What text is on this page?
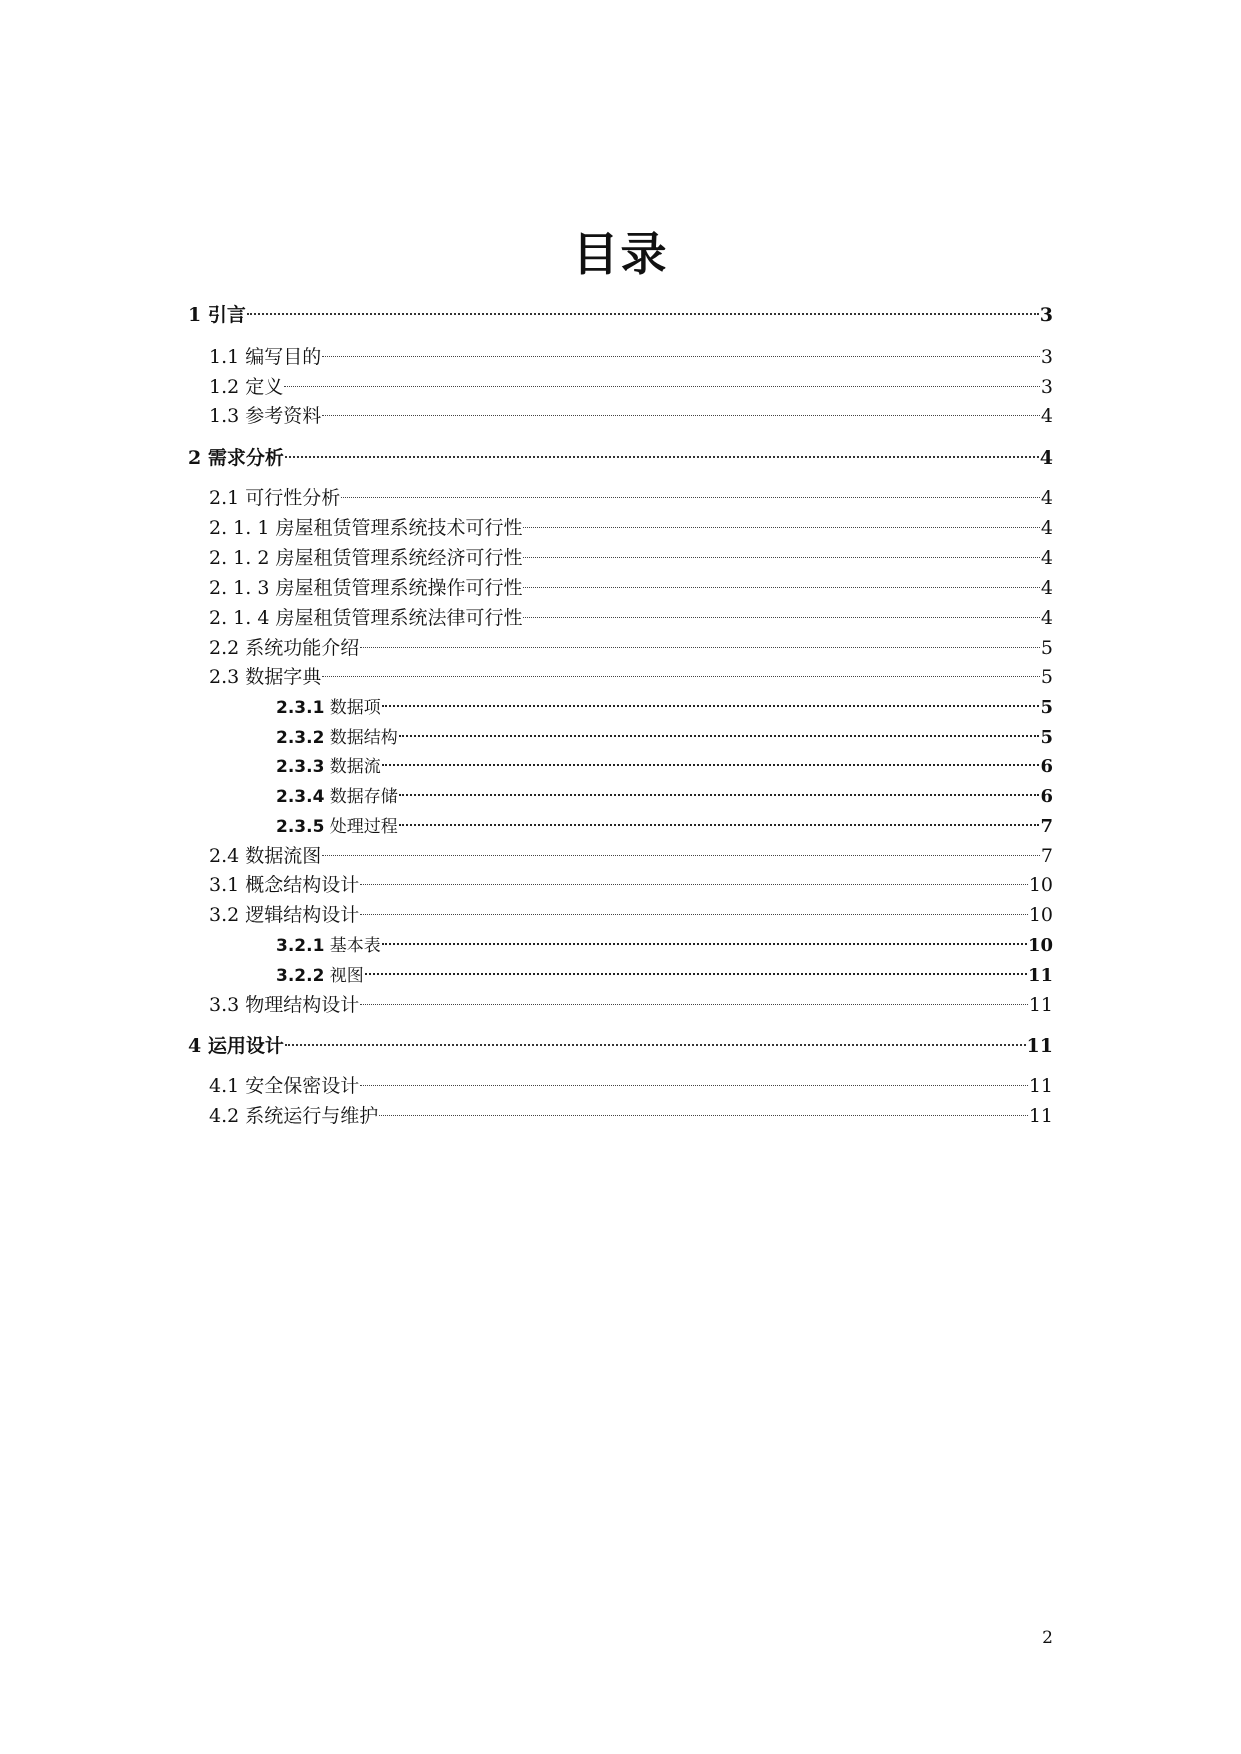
目录
1 引言	3
1.1 编写目的	3
1.2 定义	3
1.3 参考资料	4
2 需求分析	4
2.1 可行性分析	4
2. 1. 1 房屋租赁管理系统技术可行性	4
2. 1. 2 房屋租赁管理系统经济可行性	4
2. 1. 3 房屋租赁管理系统操作可行性	4
2. 1. 4 房屋租赁管理系统法律可行性	4
2.2 系统功能介绍	5
2.3 数据字典	5
2.3.1 数据项	5
2.3.2 数据结构	5
2.3.3 数据流	6
2.3.4 数据存储	6
2.3.5 处理过程	7
2.4 数据流图	7
3.1 概念结构设计	10
3.2 逻辑结构设计	10
3.2.1 基本表	10
3.2.2 视图	11
3.3 物理结构设计	11
4 运用设计	11
4.1 安全保密设计	11
4.2 系统运行与维护	11
2
